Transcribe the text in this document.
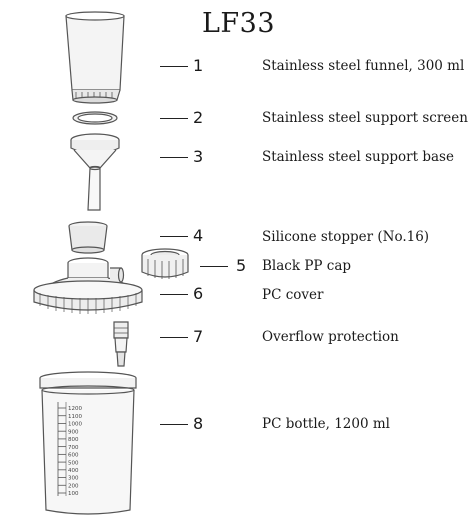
1200
1100
1000
900
800
700
600
500
400
300
200
100
LF33
1	Stainless steel funnel, 300 ml
2	Stainless steel support screen
3	Stainless steel support base
4	Silicone stopper (No.16)
5 Black PP cap
6	PC cover
7	Overflow protection
8	PC bottle, 1200 ml
